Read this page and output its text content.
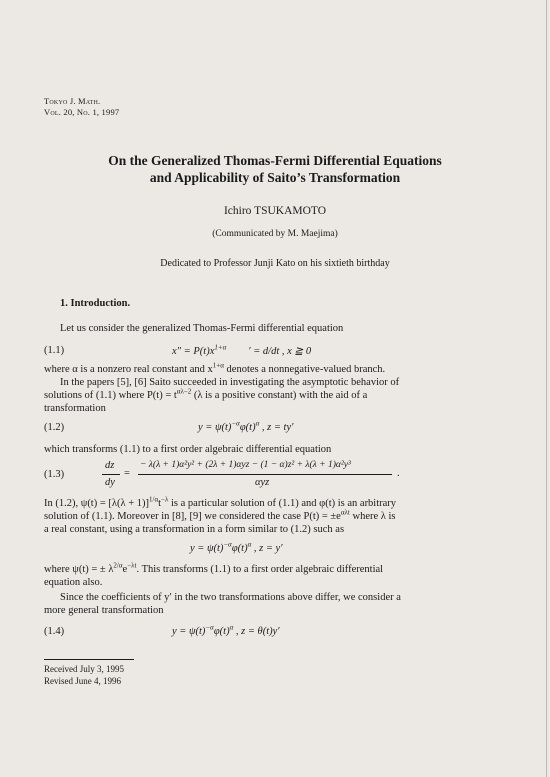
Tokyo J. Math.
Vol. 20, No. 1, 1997
On the Generalized Thomas-Fermi Differential Equations
and Applicability of Saito’s Transformation
Ichiro TSUKAMOTO
(Communicated by M. Maejima)
Dedicated to Professor Junji Kato on his sixtieth birthday
1. Introduction.
Let us consider the generalized Thomas-Fermi differential equation
(1.1)	$x'' = P(t)x^{1+\alpha}$ ′ = d/dt , x ≧ 0
where α is a nonzero real constant and $x^{1+\alpha}$ denotes a nonnegative-valued branch.
In the papers [5], [6] Saito succeeded in investigating the asymptotic behavior of
solutions of (1.1) where $P(t) = t^{\alpha\lambda-2}$ (λ is a positive constant) with the aid of a
transformation
(1.2)	$y = \psi(t)^{-\alpha}\varphi(t)^\alpha$ , z = ty′
which transforms (1.1) to a first order algebraic differential equation
(1.3)
dz
dy
=
− λ(λ + 1)α²y² + (2λ + 1)αyz − (1 − α)z² + λ(λ + 1)α²y³
αyz
.
In (1.2), $\psi(t) = [\lambda(\lambda + 1)]^{1/\alpha}t^{-\lambda}$ is a particular solution of (1.1) and φ(t) is an arbitrary
solution of (1.1). Moreover in [8], [9] we considered the case $P(t) = \pm e^{\alpha\lambda t}$ where λ is
a real constant, using a transformation in a form similar to (1.2) such as
$y = \psi(t)^{-\alpha}\varphi(t)^\alpha$ , z = y′
where ψ(t) = ± $\lambda^{2/\alpha}e^{-\lambda t}$. This transforms (1.1) to a first order algebraic differential
equation also.
Since the coefficients of y′ in the two transformations above differ, we consider a
more general transformation
(1.4)	$y = \psi(t)^{-\alpha}\varphi(t)^\alpha$ , z = θ(t)y′
Received July 3, 1995
Revised June 4, 1996
